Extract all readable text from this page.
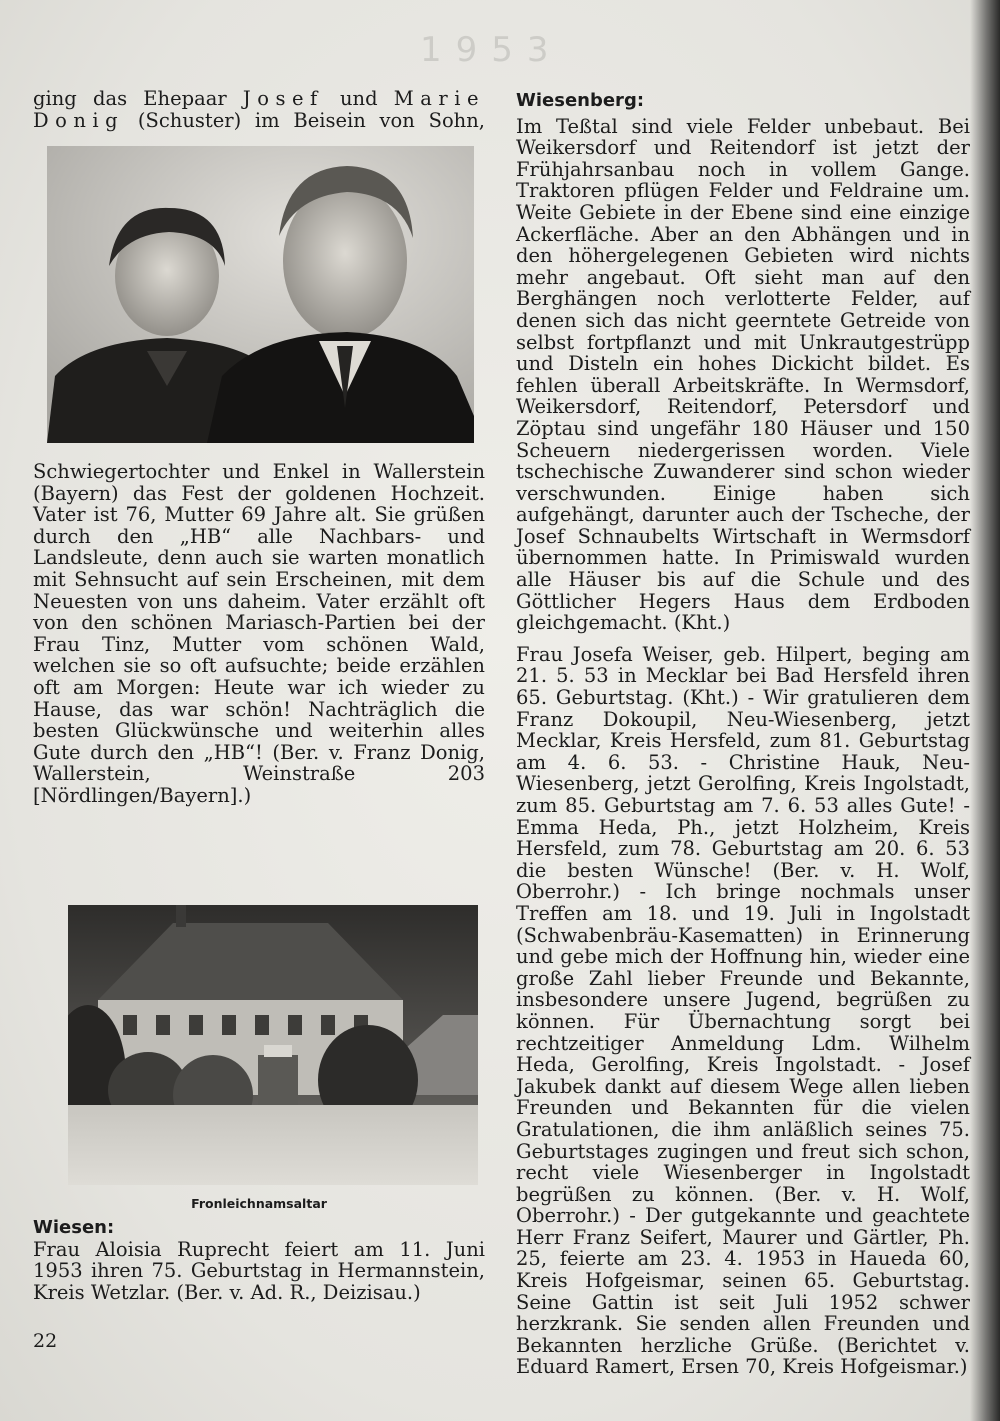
1953

ging das Ehepaar Josef und Marie

Donig (Schuster) im Beisein von Sohn,

Schwiegertochter und Enkel in Wallerstein (Bayern) das Fest der goldenen Hochzeit. Vater ist 76, Mutter 69 Jahre alt. Sie grüßen durch den „HB“ alle Nachbars- und Landsleute, denn auch sie warten monatlich mit Sehnsucht auf sein Erscheinen, mit dem Neuesten von uns daheim. Vater erzählt oft von den schönen Mariasch-Partien bei der Frau Tinz, Mutter vom schönen Wald, welchen sie so oft aufsuchte; beide erzählen oft am Morgen: Heute war ich wieder zu Hause, das war schön! Nachträglich die besten Glückwünsche und weiterhin alles Gute durch den „HB“! (Ber. v. Franz Donig, Wallerstein, Weinstraße 203 [Nördlingen/Bayern].)

Fronleichnamsaltar

Wiesen:

Frau Aloisia Ruprecht feiert am 11. Juni 1953 ihren 75. Geburtstag in Hermannstein, Kreis Wetzlar. (Ber. v. Ad. R., Deizisau.)

22

Wiesenberg:

Im Teßtal sind viele Felder unbebaut. Bei Weikersdorf und Reitendorf ist jetzt der Frühjahrsanbau noch in vollem Gange. Traktoren pflügen Felder und Feldraine um. Weite Gebiete in der Ebene sind eine einzige Ackerfläche. Aber an den Abhängen und in den höhergelegenen Gebieten wird nichts mehr angebaut. Oft sieht man auf den Berghängen noch verlotterte Felder, auf denen sich das nicht geerntete Getreide von selbst fortpflanzt und mit Unkrautgestrüpp und Disteln ein hohes Dickicht bildet. Es fehlen überall Arbeitskräfte. In Wermsdorf, Weikersdorf, Reitendorf, Petersdorf und Zöptau sind ungefähr 180 Häuser und 150 Scheuern niedergerissen worden. Viele tschechische Zuwanderer sind schon wieder verschwunden. Einige haben sich aufgehängt, darunter auch der Tscheche, der Josef Schnaubelts Wirtschaft in Wermsdorf übernommen hatte. In Primiswald wurden alle Häuser bis auf die Schule und des Göttlicher Hegers Haus dem Erdboden gleichgemacht. (Kht.)

Frau Josefa Weiser, geb. Hilpert, beging am 21. 5. 53 in Mecklar bei Bad Hersfeld ihren 65. Geburtstag. (Kht.) - Wir gratulieren dem Franz Dokoupil, Neu-Wiesenberg, jetzt Mecklar, Kreis Hersfeld, zum 81. Geburtstag am 4. 6. 53. - Christine Hauk, Neu-Wiesenberg, jetzt Gerolfing, Kreis Ingolstadt, zum 85. Geburtstag am 7. 6. 53 alles Gute! - Emma Heda, Ph., jetzt Holzheim, Kreis Hersfeld, zum 78. Geburtstag am 20. 6. 53 die besten Wünsche! (Ber. v. H. Wolf, Oberrohr.) - Ich bringe nochmals unser Treffen am 18. und 19. Juli in Ingolstadt (Schwabenbräu-Kasematten) in Erinnerung und gebe mich der Hoffnung hin, wieder eine große Zahl lieber Freunde und Bekannte, insbesondere unsere Jugend, begrüßen zu können. Für Übernachtung sorgt bei rechtzeitiger Anmeldung Ldm. Wilhelm Heda, Gerolfing, Kreis Ingolstadt. - Josef Jakubek dankt auf diesem Wege allen lieben Freunden und Bekannten für die vielen Gratulationen, die ihm anläßlich seines 75. Geburtstages zugingen und freut sich schon, recht viele Wiesenberger in Ingolstadt begrüßen zu können. (Ber. v. H. Wolf, Oberrohr.) - Der gutgekannte und geachtete Herr Franz Seifert, Maurer und Gärtler, Ph. 25, feierte am 23. 4. 1953 in Haueda 60, Kreis Hofgeismar, seinen 65. Geburtstag. Seine Gattin ist seit Juli 1952 schwer herzkrank. Sie senden allen Freunden und Bekannten herzliche Grüße. (Berichtet v. Eduard Ramert, Ersen 70, Kreis Hofgeismar.)
